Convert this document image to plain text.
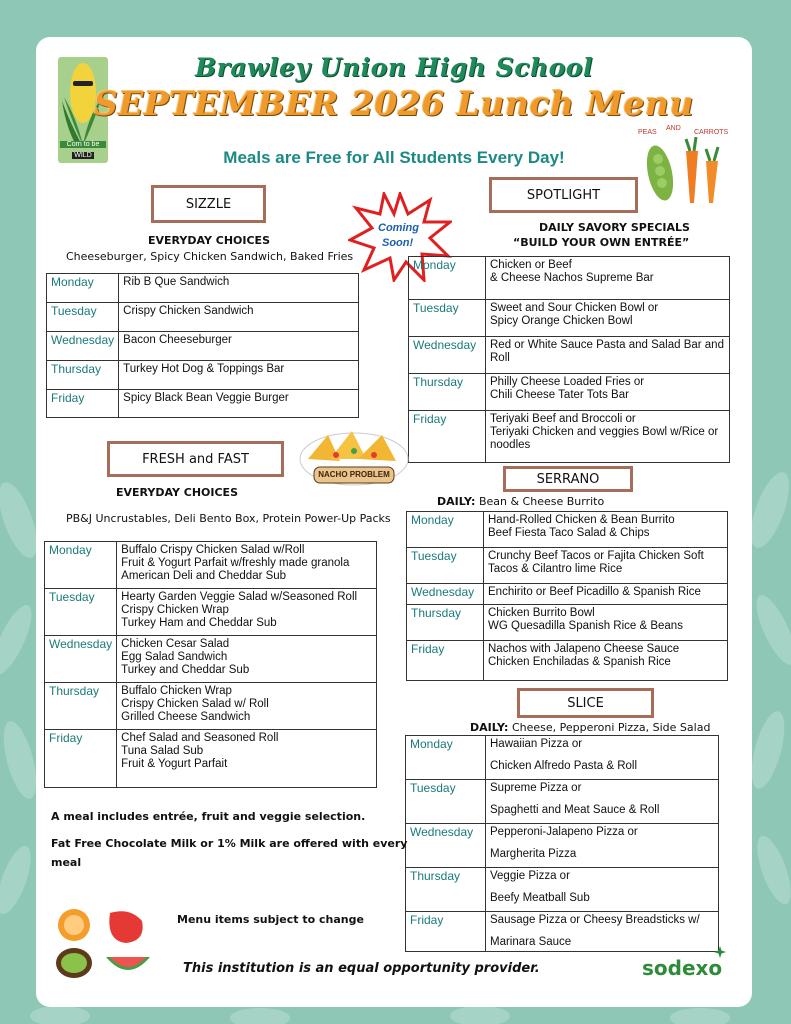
Corn to be
WILD
Brawley Union High School
SEPTEMBER 2026 Lunch Menu
Meals are Free for All Students Every Day!
PEAS
AND
CARROTS
SIZZLE
EVERYDAY CHOICES
Cheeseburger, Spicy Chicken Sandwich, Baked Fries
Monday	Rib B Que Sandwich

Tuesday	Crispy Chicken Sandwich

Wednesday	Bacon Cheeseburger

Thursday	Turkey Hot Dog & Toppings Bar

Friday	Spicy Black Bean Veggie Burger
SPOTLIGHT
Coming
Soon!
DAILY SAVORY SPECIALS
“BUILD YOUR OWN ENTRÉE”
Monday	Chicken or Beef
& Cheese Nachos Supreme Bar

Tuesday	Sweet and Sour Chicken Bowl or
Spicy Orange Chicken Bowl

Wednesday	Red or White Sauce Pasta and Salad Bar and
Roll

Thursday	Philly Cheese Loaded Fries or
Chili Cheese Tater Tots Bar

Friday	Teriyaki Beef and Broccoli or
Teriyaki Chicken and veggies Bowl w/Rice or
noodles
FRESH and FAST
NACHO PROBLEM
EVERYDAY CHOICES
PB&J Uncrustables, Deli Bento Box, Protein Power-Up Packs
Monday	Buffalo Crispy Chicken Salad w/Roll
Fruit & Yogurt Parfait w/freshly made granola
American Deli and Cheddar Sub

Tuesday	Hearty Garden Veggie Salad w/Seasoned Roll
Crispy Chicken Wrap
Turkey Ham and Cheddar Sub

Wednesday	Chicken Cesar Salad
Egg Salad Sandwich
Turkey and Cheddar Sub

Thursday	Buffalo Chicken Wrap
Crispy Chicken Salad w/ Roll
Grilled Cheese Sandwich

Friday	Chef Salad and Seasoned Roll
Tuna Salad Sub
Fruit & Yogurt Parfait
SERRANO
DAILY: Bean & Cheese Burrito
Monday	Hand-Rolled Chicken & Bean Burrito
Beef Fiesta Taco Salad & Chips

Tuesday	Crunchy Beef Tacos or Fajita Chicken Soft
Tacos & Cilantro lime Rice

Wednesday	Enchirito or Beef Picadillo & Spanish Rice

Thursday	Chicken Burrito Bowl
WG Quesadilla Spanish Rice & Beans

Friday	Nachos with Jalapeno Cheese Sauce
Chicken Enchiladas & Spanish Rice
SLICE
DAILY: Cheese, Pepperoni Pizza, Side Salad
Monday	Hawaiian Pizza or
Chicken Alfredo Pasta & Roll

Tuesday	Supreme Pizza or
Spaghetti and Meat Sauce & Roll

Wednesday	Pepperoni-Jalapeno Pizza or
Margherita Pizza

Thursday	Veggie Pizza or
Beefy Meatball Sub

Friday	Sausage Pizza or Cheesy Breadsticks w/
Marinara Sauce
A meal includes entrée, fruit and veggie selection.
Fat Free Chocolate Milk or 1% Milk are offered with every
meal
Menu items subject to change
This institution is an equal opportunity provider.	sodexo
